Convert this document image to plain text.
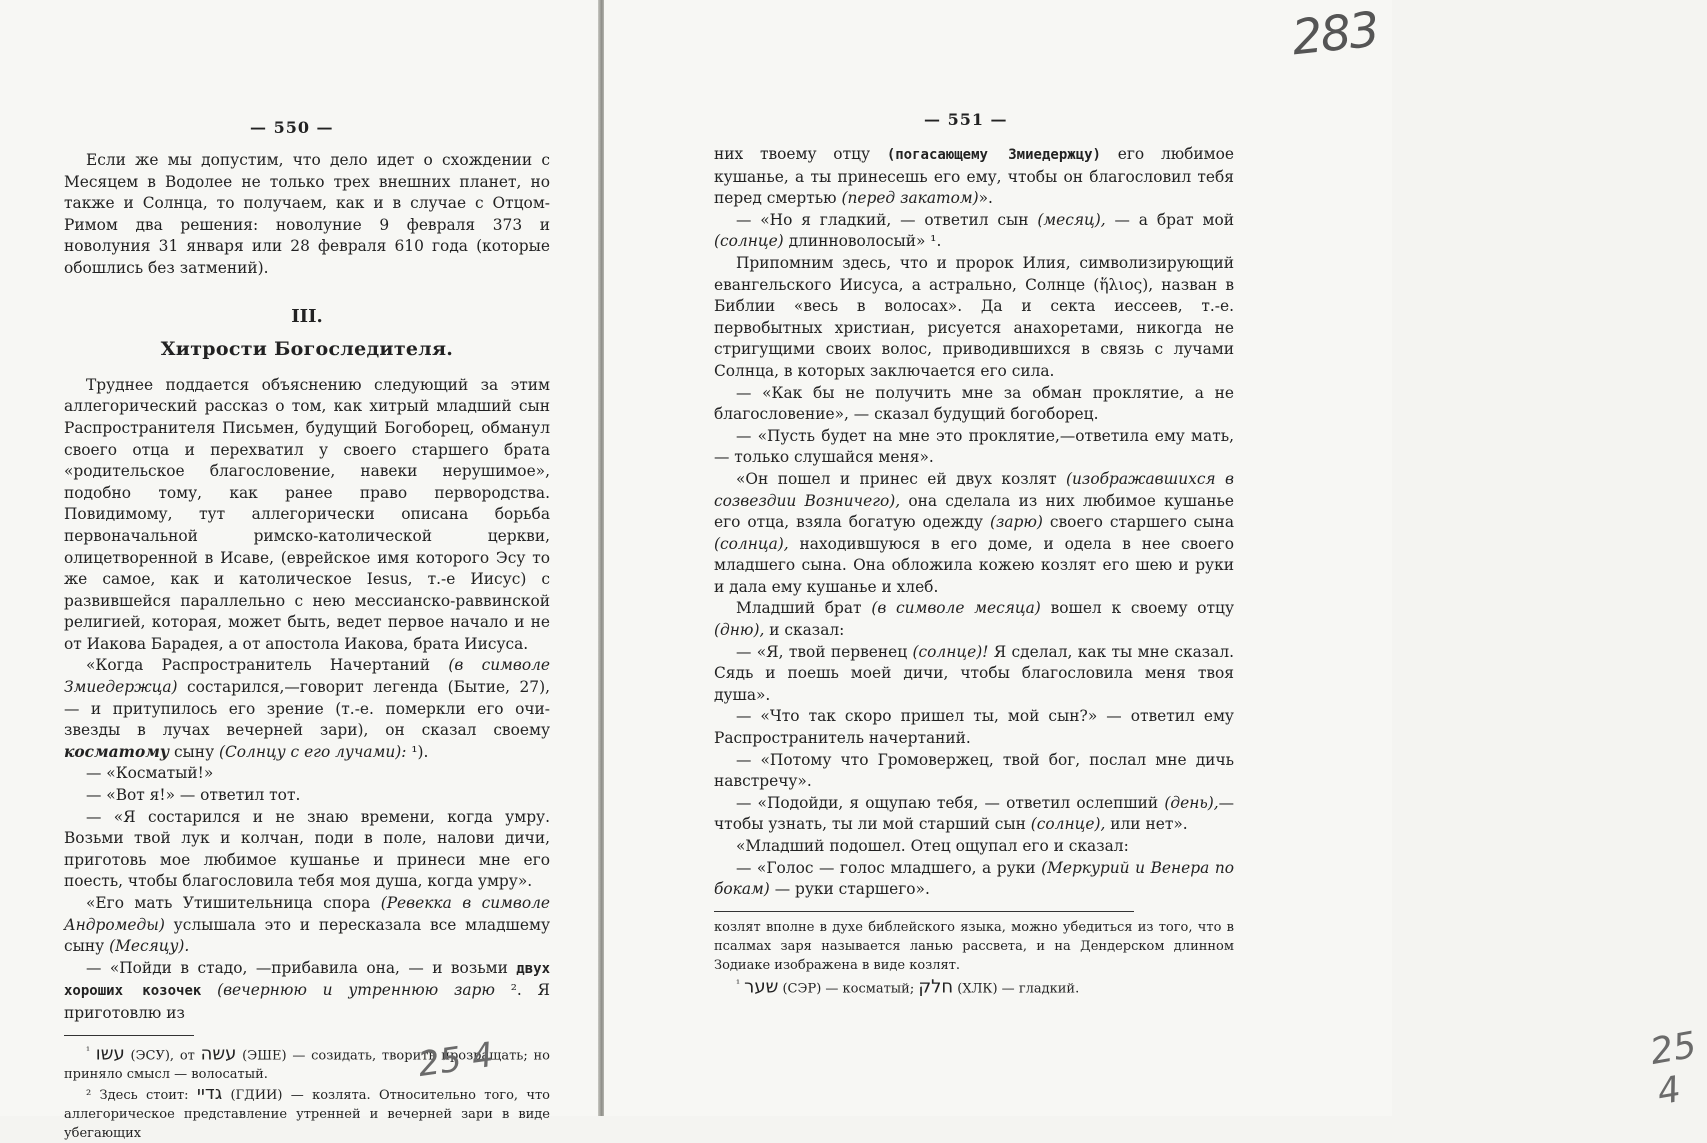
— 550 —

Если же мы допустим, что дело идет о схождении с Месяцем в Водолее не только трех внешних планет, но также и Солнца, то получаем, как и в случае с Отцом-Римом два решения: новолуние 9 февраля 373 и новолуния 31 января или 28 февраля 610 года (которые обошлись без затмений).

III.
Хитрости Богоследителя.

Труднее поддается объяснению следующий за этим аллегорический рассказ о том, как хитрый младший сын Распространителя Письмен, будущий Богоборец, обманул своего отца и перехватил у своего старшего брата «родительское благословение, навеки нерушимое», подобно тому, как ранее право первородства. Повидимому, тут аллегорически описана борьба первоначальной римско-католической церкви, олицетворенной в Исаве, (еврейское имя которого Эсу то же самое, как и католическое Iesus, т.-е Иисус) с развившейся параллельно с нею мессианско-раввинской религией, которая, может быть, ведет первое начало и не от Иакова Барадея, а от апостола Иакова, брата Иисуса.

«Когда Распространитель Начертаний (в символе Змиедержца) состарился,—говорит легенда (Бытие, 27), — и притупилось его зрение (т.-е. померкли его очи-звезды в лучах вечерней зари), он сказал своему косматому сыну (Солнцу с его лучами): ¹).

— «Косматый!»

— «Вот я!» — ответил тот.

— «Я состарился и не знаю времени, когда умру. Возьми твой лук и колчан, поди в поле, налови дичи, приготовь мое любимое кушанье и принеси мне его поесть, чтобы благословила тебя моя душа, когда умру».

«Его мать Утишительница спора (Ревекка в символе Андромеды) услышала это и пересказала все младшему сыну (Месяцу).

— «Пойди в стадо, —прибавила она, — и возьми двух хороших козочек (вечернюю и утреннюю зарю ². Я приготовлю из

$^{^1}$ עשו (ЭСУ), от עשה (ЭШЕ) — созидать, творить прозращать; но приняло смысл — волосатый.

² Здесь стоит: גדיי (ГДИИ) — козлята. Относительно того, что аллегорическое представление утренней и вечерней зари в виде убегающих

25 4
283
— 551 —

них твоему отцу (погасающему Змиедержцу) его любимое кушанье, а ты принесешь его ему, чтобы он благословил тебя перед смертью (перед закатом)».

— «Но я гладкий, — ответил сын (месяц), — а брат мой (солнце) длинноволосый» ¹.

Припомним здесь, что и пророк Илия, символизирующий евангельского Иисуса, а астрально, Солнце (ἥλιος), назван в Библии «весь в волосах». Да и секта иессеев, т.-е. первобытных христиан, рисуется анахоретами, никогда не стригущими своих волос, приводившихся в связь с лучами Солнца, в которых заключается его сила.

— «Как бы не получить мне за обман проклятие, а не благословение», — сказал будущий богоборец.

— «Пусть будет на мне это проклятие,—ответила ему мать,— только слушайся меня».

«Он пошел и принес ей двух козлят (изображавшихся в созвездии Возничего), она сделала из них любимое кушанье его отца, взяла богатую одежду (зарю) своего старшего сына (солнца), находившуюся в его доме, и одела в нее своего младшего сына. Она обложила кожею козлят его шею и руки и дала ему кушанье и хлеб.

Младший брат (в символе месяца) вошел к своему отцу (дню), и сказал:

— «Я, твой первенец (солнце)! Я сделал, как ты мне сказал. Сядь и поешь моей дичи, чтобы благословила меня твоя душа».

— «Что так скоро пришел ты, мой сын?» — ответил ему Распространитель начертаний.

— «Потому что Громовержец, твой бог, послал мне дичь навстречу».

— «Подойди, я ощупаю тебя, — ответил ослепший (день),— чтобы узнать, ты ли мой старший сын (солнце), или нет».

«Младший подошел. Отец ощупал его и сказал:

— «Голос — голос младшего, а руки (Меркурий и Венера по бокам) — руки старшего».

козлят вполне в духе библейского языка, можно убедиться из того, что в псалмах заря называется ланью рассвета, и на Дендерском длинном Зодиаке изображена в виде козлят.

$^{^1}$ שער (СЭР) — косматый; חלק (ХЛК) — гладкий.

25 4
